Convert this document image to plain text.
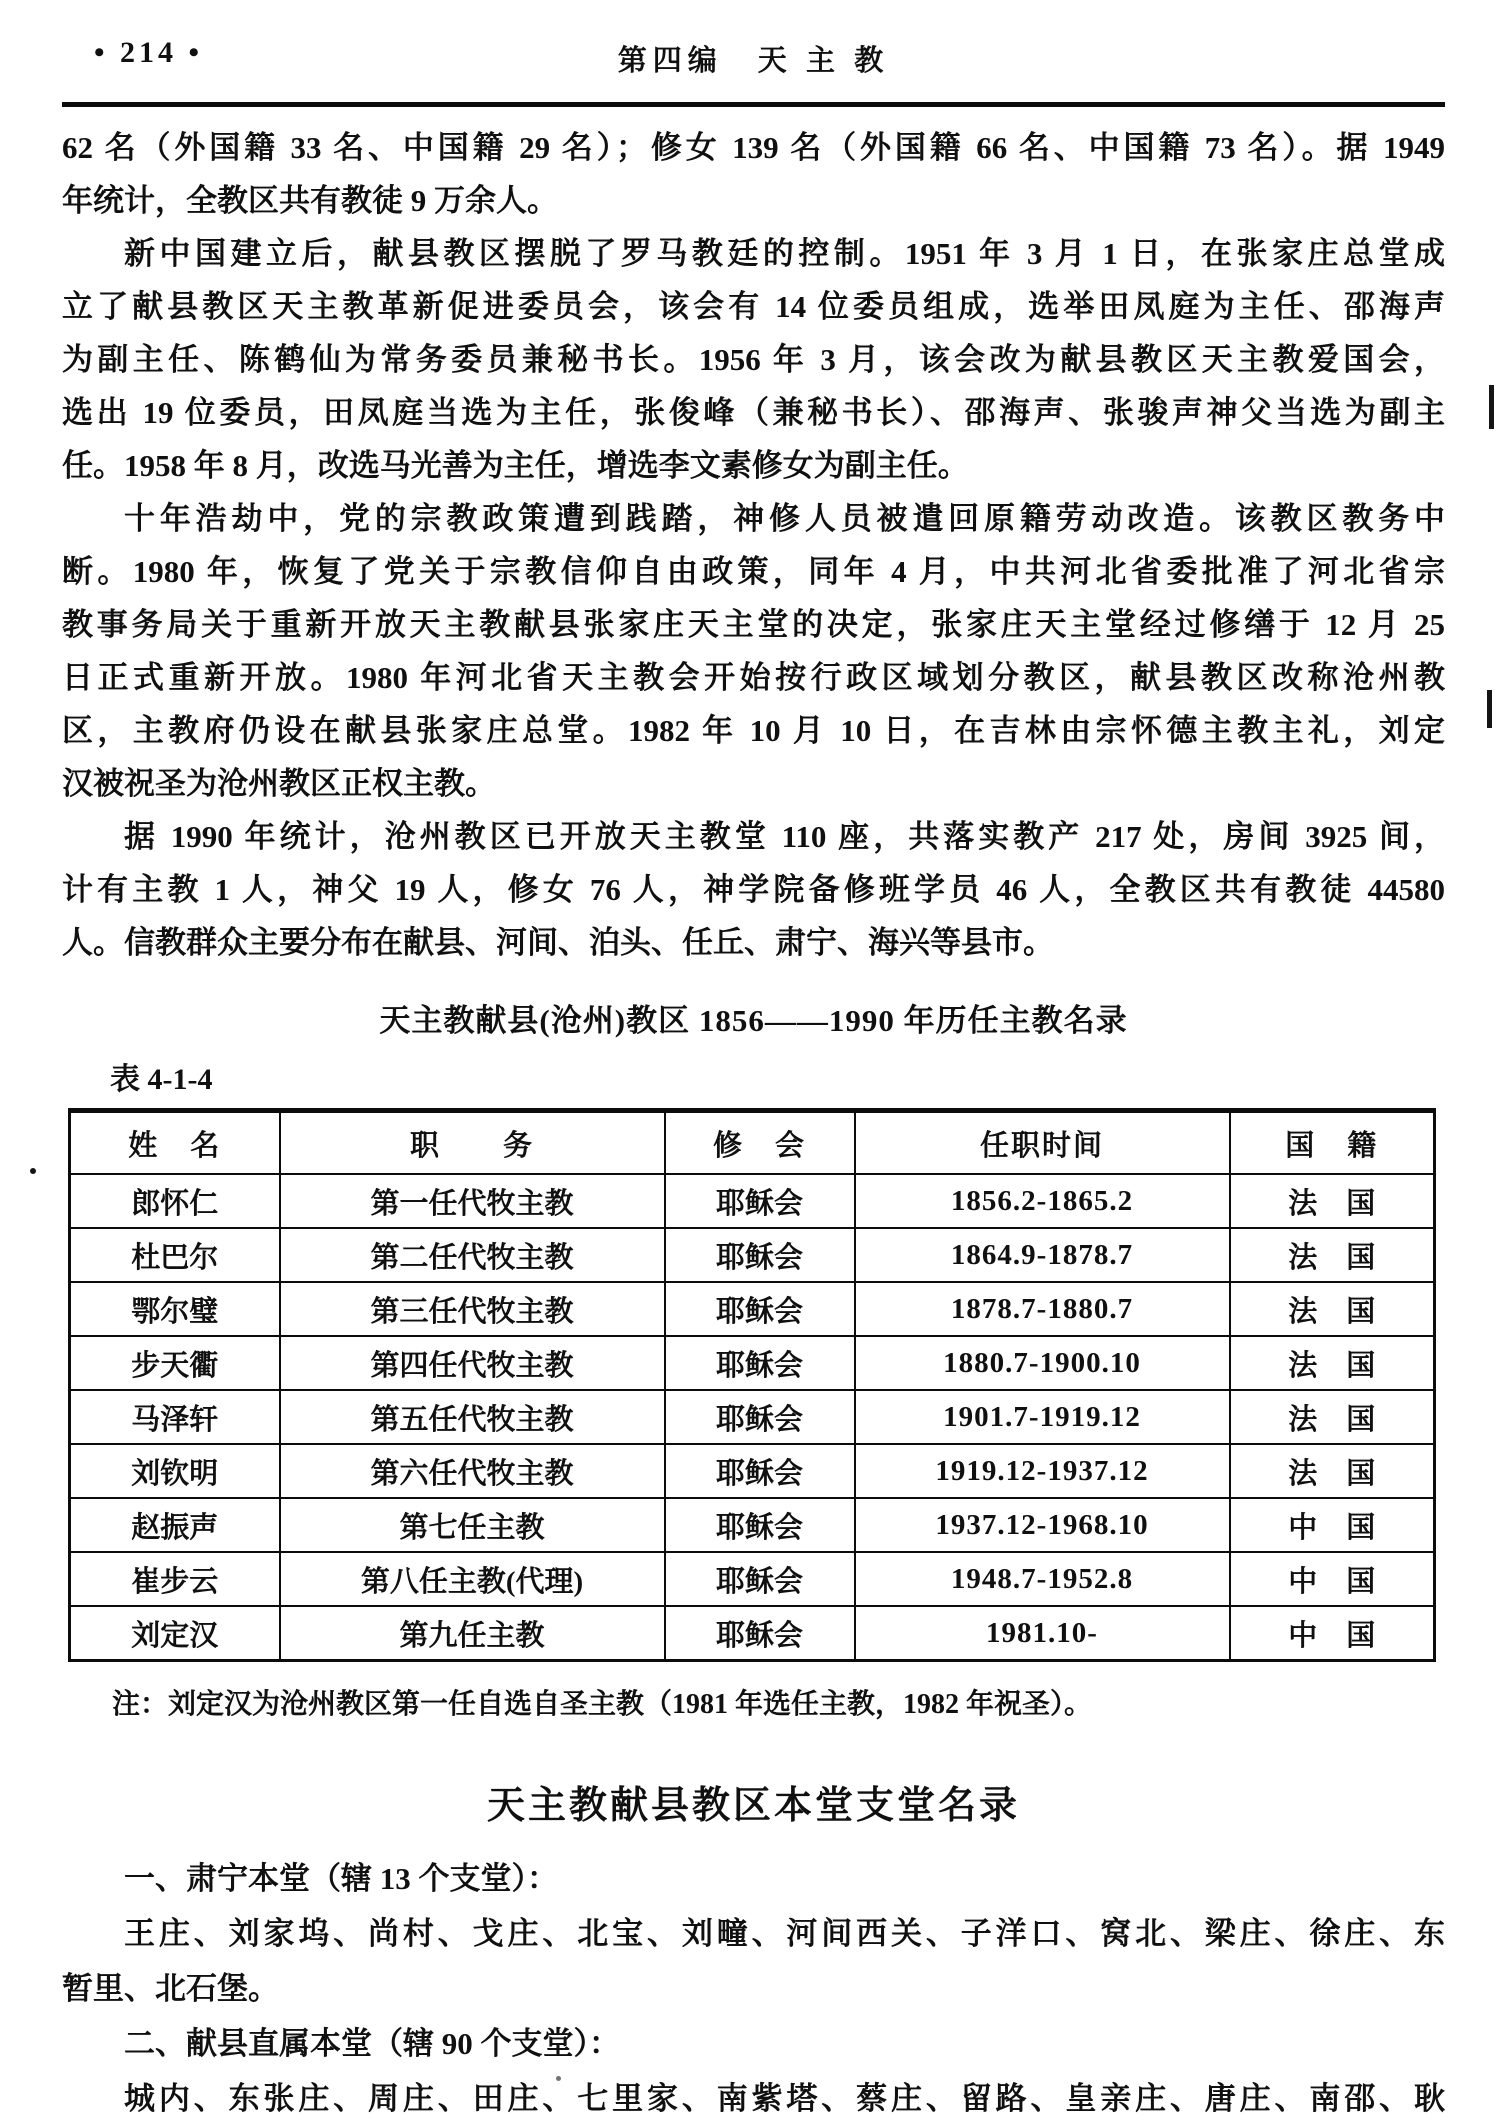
• 214 •	第四编　天 主 教
62 名（外国籍 33 名、中国籍 29 名）；修女 139 名（外国籍 66 名、中国籍 73 名）。据 1949
年统计，全教区共有教徒 9 万余人。
新中国建立后，献县教区摆脱了罗马教廷的控制。1951 年 3 月 1 日，在张家庄总堂成
立了献县教区天主教革新促进委员会，该会有 14 位委员组成，选举田凤庭为主任、邵海声
为副主任、陈鹤仙为常务委员兼秘书长。1956 年 3 月，该会改为献县教区天主教爱国会，
选出 19 位委员，田凤庭当选为主任，张俊峰（兼秘书长）、邵海声、张骏声神父当选为副主
任。1958 年 8 月，改选马光善为主任，增选李文素修女为副主任。
十年浩劫中，党的宗教政策遭到践踏，神修人员被遣回原籍劳动改造。该教区教务中
断。1980 年，恢复了党关于宗教信仰自由政策，同年 4 月，中共河北省委批准了河北省宗
教事务局关于重新开放天主教献县张家庄天主堂的决定，张家庄天主堂经过修缮于 12 月 25
日正式重新开放。1980 年河北省天主教会开始按行政区域划分教区，献县教区改称沧州教
区，主教府仍设在献县张家庄总堂。1982 年 10 月 10 日，在吉林由宗怀德主教主礼，刘定
汉被祝圣为沧州教区正权主教。
据 1990 年统计，沧州教区已开放天主教堂 110 座，共落实教产 217 处，房间 3925 间，
计有主教 1 人，神父 19 人，修女 76 人，神学院备修班学员 46 人，全教区共有教徒 44580
人。信教群众主要分布在献县、河间、泊头、任丘、肃宁、海兴等县市。
天主教献县(沧州)教区 1856——1990 年历任主教名录
表 4-1-4
姓　名	职　　务	修　会	任职时间	国　籍
郎怀仁	第一任代牧主教	耶稣会	1856.2-1865.2	法　国
杜巴尔	第二任代牧主教	耶稣会	1864.9-1878.7	法　国
鄂尔璧	第三任代牧主教	耶稣会	1878.7-1880.7	法　国
步天衢	第四任代牧主教	耶稣会	1880.7-1900.10	法　国
马泽轩	第五任代牧主教	耶稣会	1901.7-1919.12	法　国
刘钦明	第六任代牧主教	耶稣会	1919.12-1937.12	法　国
赵振声	第七任主教	耶稣会	1937.12-1968.10	中　国
崔步云	第八任主教(代理)	耶稣会	1948.7-1952.8	中　国
刘定汉	第九任主教	耶稣会	1981.10-	中　国
注：刘定汉为沧州教区第一任自选自圣主教（1981 年选任主教，1982 年祝圣）。
天主教献县教区本堂支堂名录
一、肃宁本堂（辖 13 个支堂）：
王庄、刘家坞、尚村、戈庄、北宝、刘疃、河间西关、子洋口、窝北、梁庄、徐庄、东
暂里、北石堡。
二、献县直属本堂（辖 90 个支堂）：
城内、东张庄、周庄、田庄、七里家、南紫塔、蔡庄、留路、皇亲庄、唐庄、南邵、耿
